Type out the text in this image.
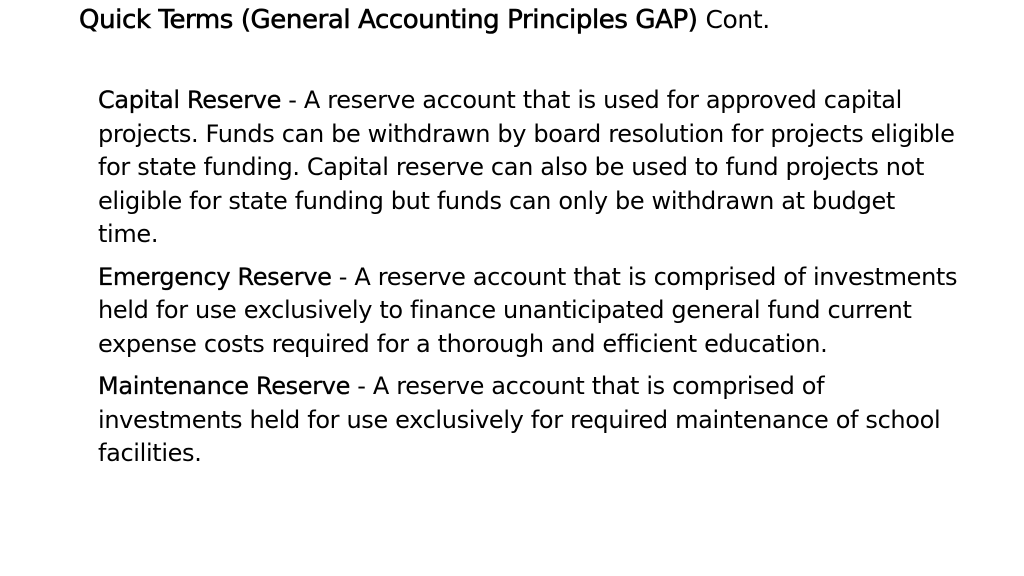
Quick Terms (General Accounting Principles GAP) Cont.
Capital Reserve - A reserve account that is used for approved capital projects. Funds can be withdrawn by board resolution for projects eligible for state funding. Capital reserve can also be used to fund projects not eligible for state funding but funds can only be withdrawn at budget time.
Emergency Reserve - A reserve account that is comprised of investments held for use exclusively to finance unanticipated general fund current expense costs required for a thorough and efficient education.
Maintenance Reserve - A reserve account that is comprised of investments held for use exclusively for required maintenance of school facilities.
